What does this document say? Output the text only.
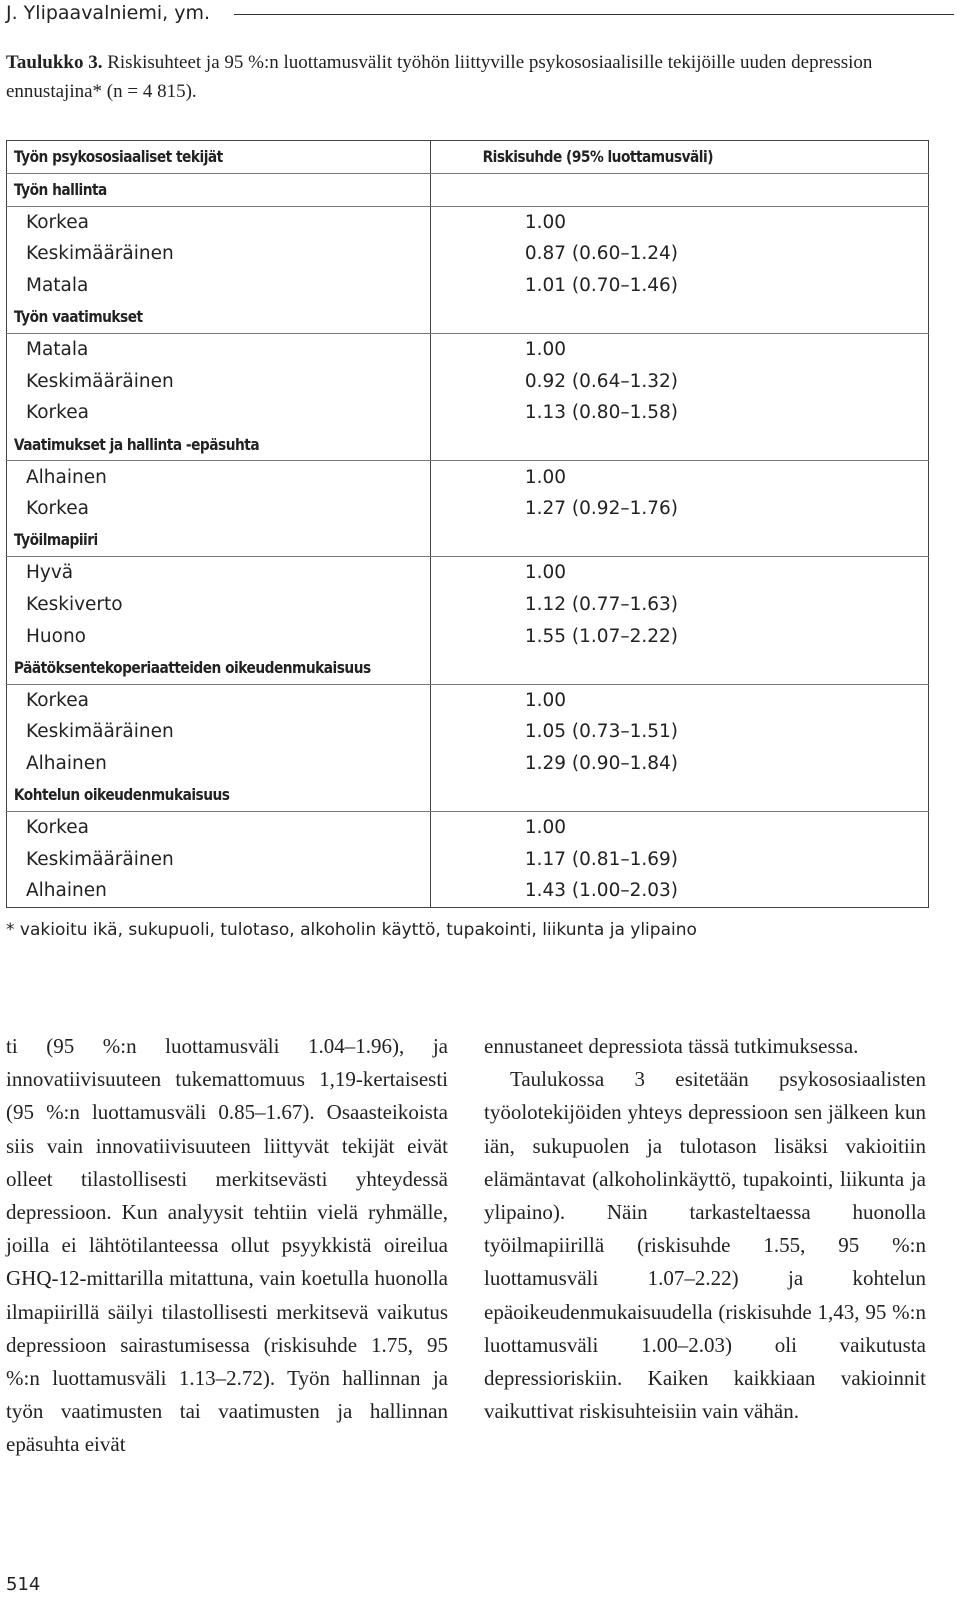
J. Ylipaavalniemi, ym.
Taulukko 3. Riskisuhteet ja 95 %:n luottamusvälit työhön liittyville psykososiaalisille tekijöille uuden depression ennustajina* (n = 4 815).
Työn psykososiaaliset tekijät	Riskisuhde (95% luottamusväli)
Työn hallinta	
Korkea	1.00
Keskimääräinen	0.87 (0.60–1.24)
Matala	1.01 (0.70–1.46)
Työn vaatimukset	
Matala	1.00
Keskimääräinen	0.92 (0.64–1.32)
Korkea	1.13 (0.80–1.58)
Vaatimukset ja hallinta -epäsuhta	
Alhainen	1.00
Korkea	1.27 (0.92–1.76)
Työilmapiiri	
Hyvä	1.00
Keskiverto	1.12 (0.77–1.63)
Huono	1.55 (1.07–2.22)
Päätöksentekoperiaatteiden oikeudenmukaisuus	
Korkea	1.00
Keskimääräinen	1.05 (0.73–1.51)
Alhainen	1.29 (0.90–1.84)
Kohtelun oikeudenmukaisuus	
Korkea	1.00
Keskimääräinen	1.17 (0.81–1.69)
Alhainen	1.43 (1.00–2.03)
* vakioitu ikä, sukupuoli, tulotaso, alkoholin käyttö, tupakointi, liikunta ja ylipaino

ti (95 %:n luottamusväli 1.04–1.96), ja innovatiivisuuteen tukemattomuus 1,19-kertaisesti (95 %:n luottamusväli 0.85–1.67). Osaasteikoista siis vain innovatiivisuuteen liittyvät tekijät eivät olleet tilastollisesti merkitsevästi yhteydessä depressioon. Kun analyysit tehtiin vielä ryhmälle, joilla ei lähtötilanteessa ollut psyykkistä oireilua GHQ-12-mittarilla mitattuna, vain koetulla huonolla ilmapiirillä säilyi tilastollisesti merkitsevä vaikutus depressioon sairastumisessa (riskisuhde 1.75, 95 %:n luottamusväli 1.13–2.72). Työn hallinnan ja työn vaatimusten tai vaatimusten ja hallinnan epäsuhta eivät

ennustaneet depressiota tässä tutkimuksessa.

Taulukossa 3 esitetään psykososiaalisten työolotekijöiden yhteys depressioon sen jälkeen kun iän, sukupuolen ja tulotason lisäksi vakioitiin elämäntavat (alkoholinkäyttö, tupakointi, liikunta ja ylipaino). Näin tarkasteltaessa huonolla työilmapiirillä (riskisuhde 1.55, 95 %:n luottamusväli 1.07–2.22) ja kohtelun epäoikeudenmukaisuudella (riskisuhde 1,43, 95 %:n luottamusväli 1.00–2.03) oli vaikutusta depressioriskiin. Kaiken kaikkiaan vakioinnit vaikuttivat riskisuhteisiin vain vähän.

514
